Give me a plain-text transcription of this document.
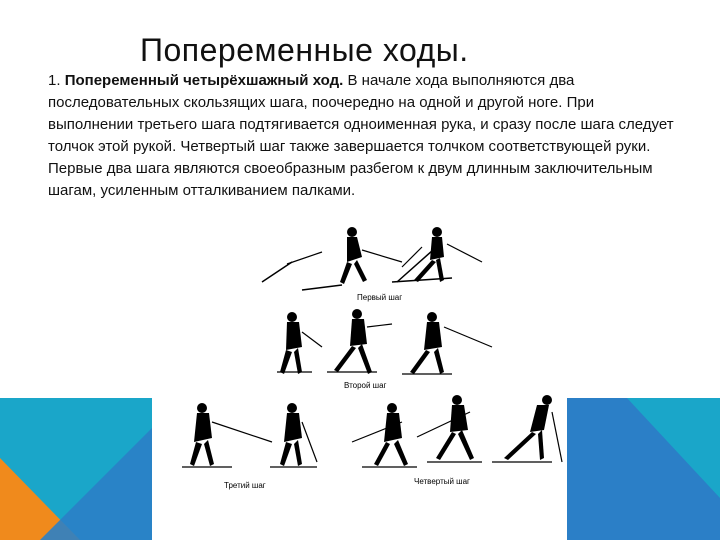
Попеременные ходы.
1. Попеременный четырёхшажный ход. В начале хода выполняются два последовательных скользящих шага, поочередно на одной и другой ноге. При выполнении третьего шага подтягивается одноименная рука, и сразу после шага следует толчок этой рукой. Четвертый шаг также завершается толчком соответствующей руки. Первые два шага являются своеобразным разбегом к двум длинным заключительным шагам, усиленным отталкиванием палками.
Первый шаг
Второй шаг
Третий шаг	Четвертый шаг
